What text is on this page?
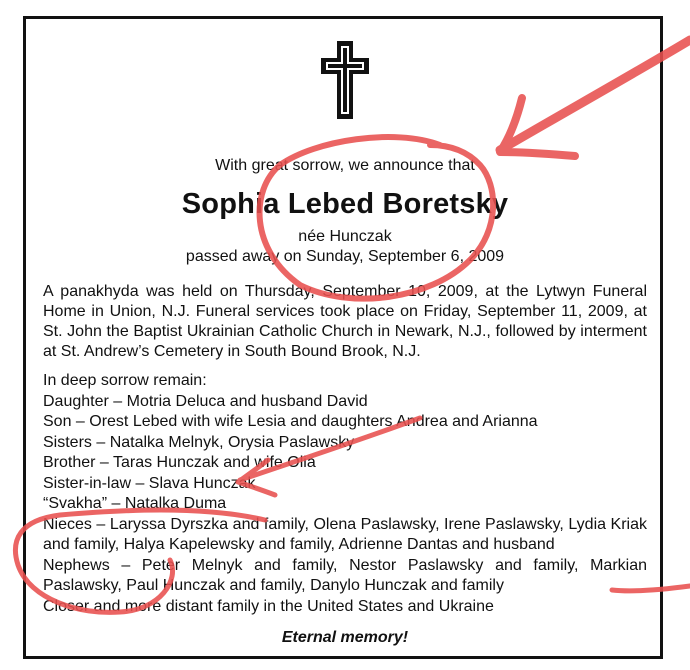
With great sorrow, we announce that
Sophia Lebed Boretsky
née Hunczak
passed away on Sunday, September 6, 2009

A panakhyda was held on Thursday, September 10, 2009, at the Lytwyn Funeral Home in Union, N.J. Funeral services took place on Friday, September 11, 2009, at St. John the Baptist Ukrainian Catholic Church in Newark, N.J., followed by interment at St. Andrew’s Cemetery in South Bound Brook, N.J.

In deep sorrow remain:
Daughter – Motria Deluca and husband David
Son – Orest Lebed with wife Lesia and daughters Andrea and Arianna
Sisters – Natalka Melnyk, Orysia Paslawsky
Brother – Taras Hunczak and wife Olia
Sister-in-law – Slava Hunczak
“Svakha” – Natalka Duma
Nieces – Laryssa Dyrszka and family, Olena Paslawsky, Irene Paslawsky, Lydia Kriak and family, Halya Kapelewsky and family, Adrienne Dantas and husband
Nephews – Peter Melnyk and family, Nestor Paslawsky and family, Markian Paslawsky, Paul Hunczak and family, Danylo Hunczak and family
Closer and more distant family in the United States and Ukraine
Eternal memory!
